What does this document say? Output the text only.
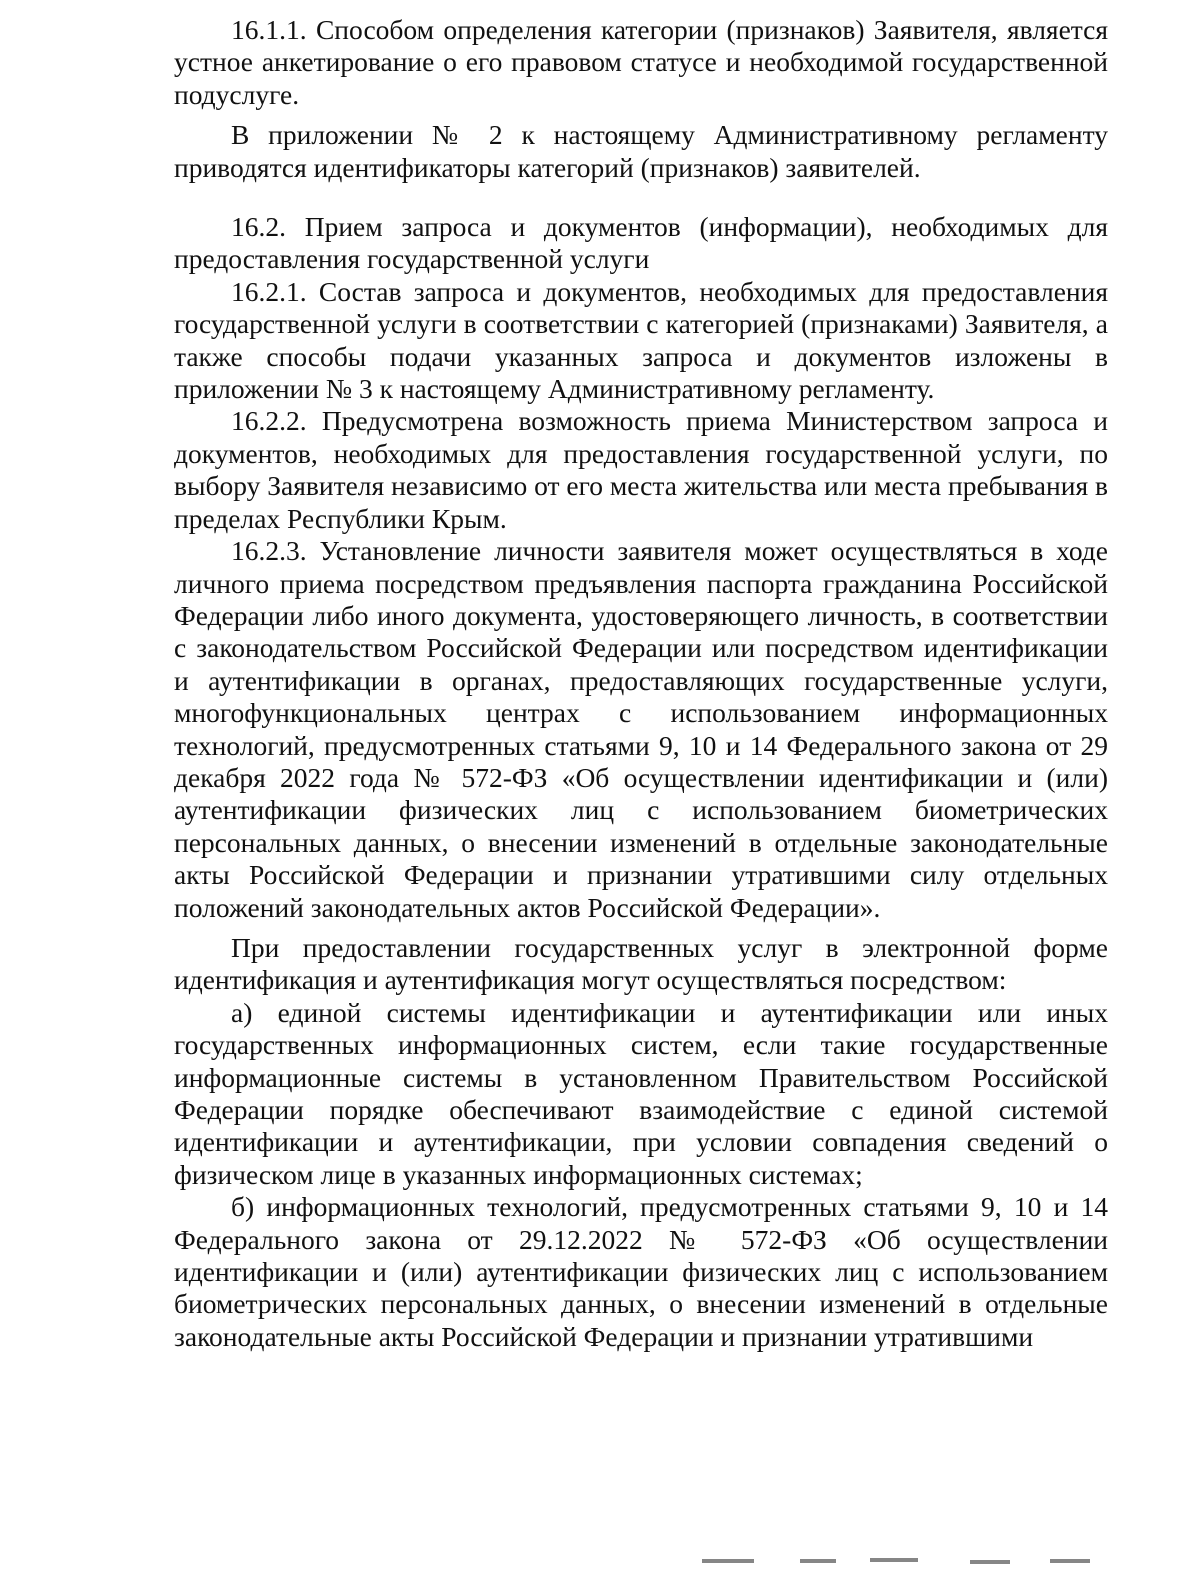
16.1.1. Способом определения категории (признаков) Заявителя, является устное анкетирование о его правовом статусе и необходимой государственной подуслуге.

В приложении № 2 к настоящему Административному регламенту приводятся идентификаторы категорий (признаков) заявителей.

16.2. Прием запроса и документов (информации), необходимых для предоставления государственной услуги

16.2.1. Состав запроса и документов, необходимых для предоставления государственной услуги в соответствии с категорией (признаками) Заявителя, а также способы подачи указанных запроса и документов изложены в приложении № 3 к настоящему Административному регламенту.

16.2.2. Предусмотрена возможность приема Министерством запроса и документов, необходимых для предоставления государственной услуги, по выбору Заявителя независимо от его места жительства или места пребывания в пределах Республики Крым.

16.2.3. Установление личности заявителя может осуществляться в ходе личного приема посредством предъявления паспорта гражданина Российской Федерации либо иного документа, удостоверяющего личность, в соответствии с законодательством Российской Федерации или посредством идентификации и аутентификации в органах, предоставляющих государственные услуги, многофункциональных центрах с использованием информационных технологий, предусмотренных статьями 9, 10 и 14 Федерального закона от 29 декабря 2022 года № 572-ФЗ «Об осуществлении идентификации и (или) аутентификации физических лиц с использованием биометрических персональных данных, о внесении изменений в отдельные законодательные акты Российской Федерации и признании утратившими силу отдельных положений законодательных актов Российской Федерации».

При предоставлении государственных услуг в электронной форме идентификация и аутентификация могут осуществляться посредством:

а) единой системы идентификации и аутентификации или иных государственных информационных систем, если такие государственные информационные системы в установленном Правительством Российской Федерации порядке обеспечивают взаимодействие с единой системой идентификации и аутентификации, при условии совпадения сведений о физическом лице в указанных информационных системах;

б) информационных технологий, предусмотренных статьями 9, 10 и 14 Федерального закона от 29.12.2022 № 572-ФЗ «Об осуществлении идентификации и (или) аутентификации физических лиц с использованием биометрических персональных данных, о внесении изменений в отдельные законодательные акты Российской Федерации и признании утратившими
